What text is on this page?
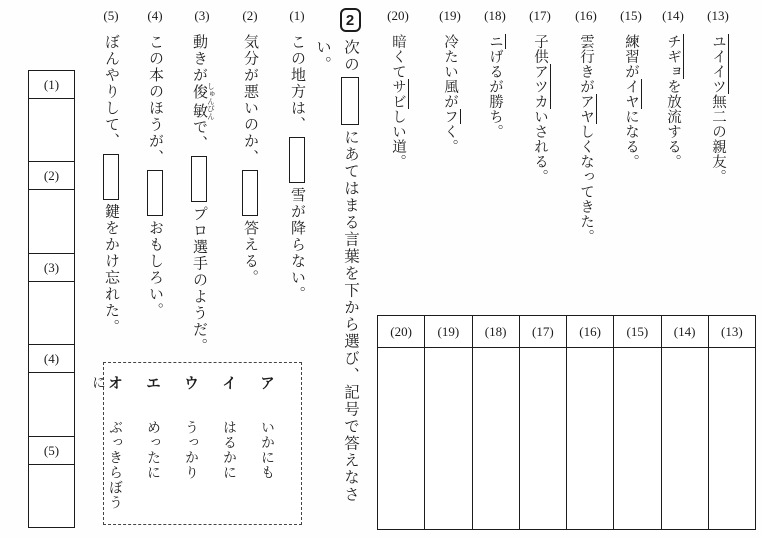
(1)
(2)
(3)
(4)
(5)
2
次のにあてはまる言葉を下から選び、記号で答えなさい。
(1)
この地方は、雪が降らない。
(2)
気分が悪いのか、答える。
(3)
動きが俊敏 しゅんびんで、プロ選手のようだ。
(4)
この本のほうが、おもしろい。
(5)
ぼんやりして、鍵をかけ忘れた。
ア いかにも
イ はるかに
ウ うっかり
エ めったに
オ ぶっきらぼうに
(13)
ユイイツ無二の親友。
(14)
チギョを放流する。
(15)
練習がイヤになる。
(16)
雲行きがアヤしくなってきた。
(17)
子供アツカいされる。
(18)
ニげるが勝ち。
(19)
冷たい風がフく。
(20)
暗くてサビしい道。
(20)	(19)	(18)	(17)	(16)	(15)	(14)	(13)
